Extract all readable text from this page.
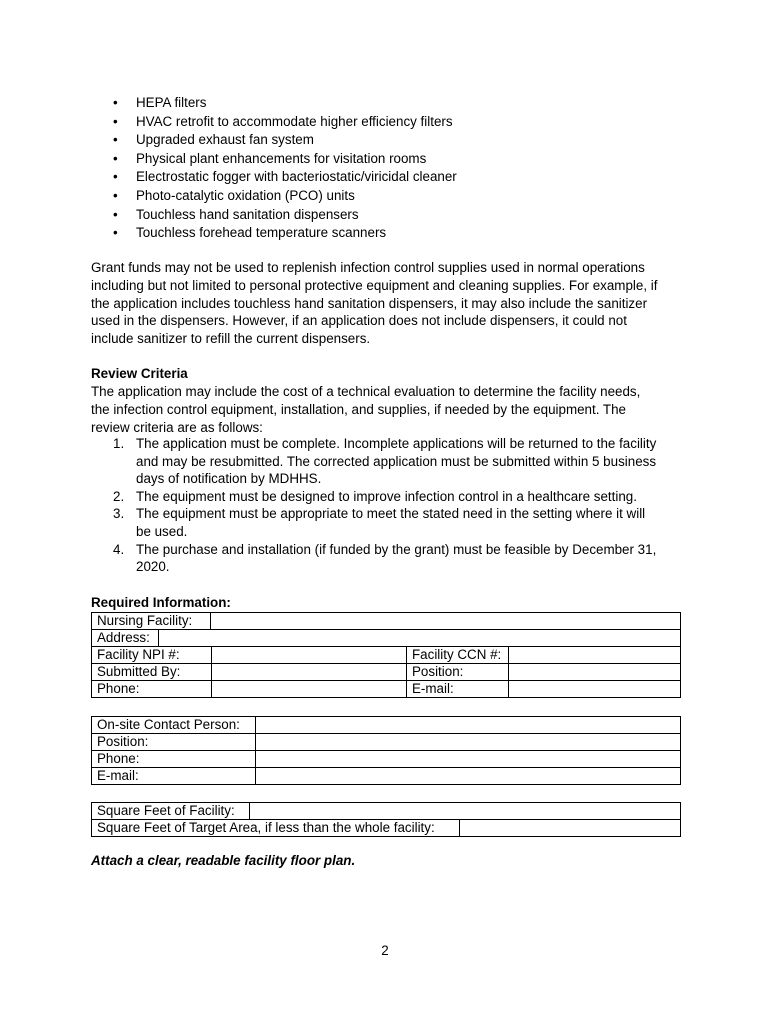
• HEPA filters
• HVAC retrofit to accommodate higher efficiency filters
• Upgraded exhaust fan system
• Physical plant enhancements for visitation rooms
• Electrostatic fogger with bacteriostatic/viricidal cleaner
• Photo-catalytic oxidation (PCO) units
• Touchless hand sanitation dispensers
• Touchless forehead temperature scanners

Grant funds may not be used to replenish infection control supplies used in normal operations
including but not limited to personal protective equipment and cleaning supplies. For example, if
the application includes touchless hand sanitation dispensers, it may also include the sanitizer
used in the dispensers. However, if an application does not include dispensers, it could not
include sanitizer to refill the current dispensers.

Review Criteria

The application may include the cost of a technical evaluation to determine the facility needs,
the infection control equipment, installation, and supplies, if needed by the equipment. The
review criteria are as follows:

1. The application must be complete. Incomplete applications will be returned to the facility
and may be resubmitted. The corrected application must be submitted within 5 business
days of notification by MDHHS.
2. The equipment must be designed to improve infection control in a healthcare setting.
3. The equipment must be appropriate to meet the stated need in the setting where it will
be used.
4. The purchase and installation (if funded by the grant) must be feasible by December 31,
2020.

Required Information:

Nursing Facility:			
Address:			
Facility NPI #:		Facility CCN #:	
Submitted By:		Position:	
Phone:		E-mail:	
On-site Contact Person:	
Position:	
Phone:	
E-mail:	
Square Feet of Facility:
Square Feet of Target Area, if less than the whole facility:

Attach a clear, readable facility floor plan.

2
